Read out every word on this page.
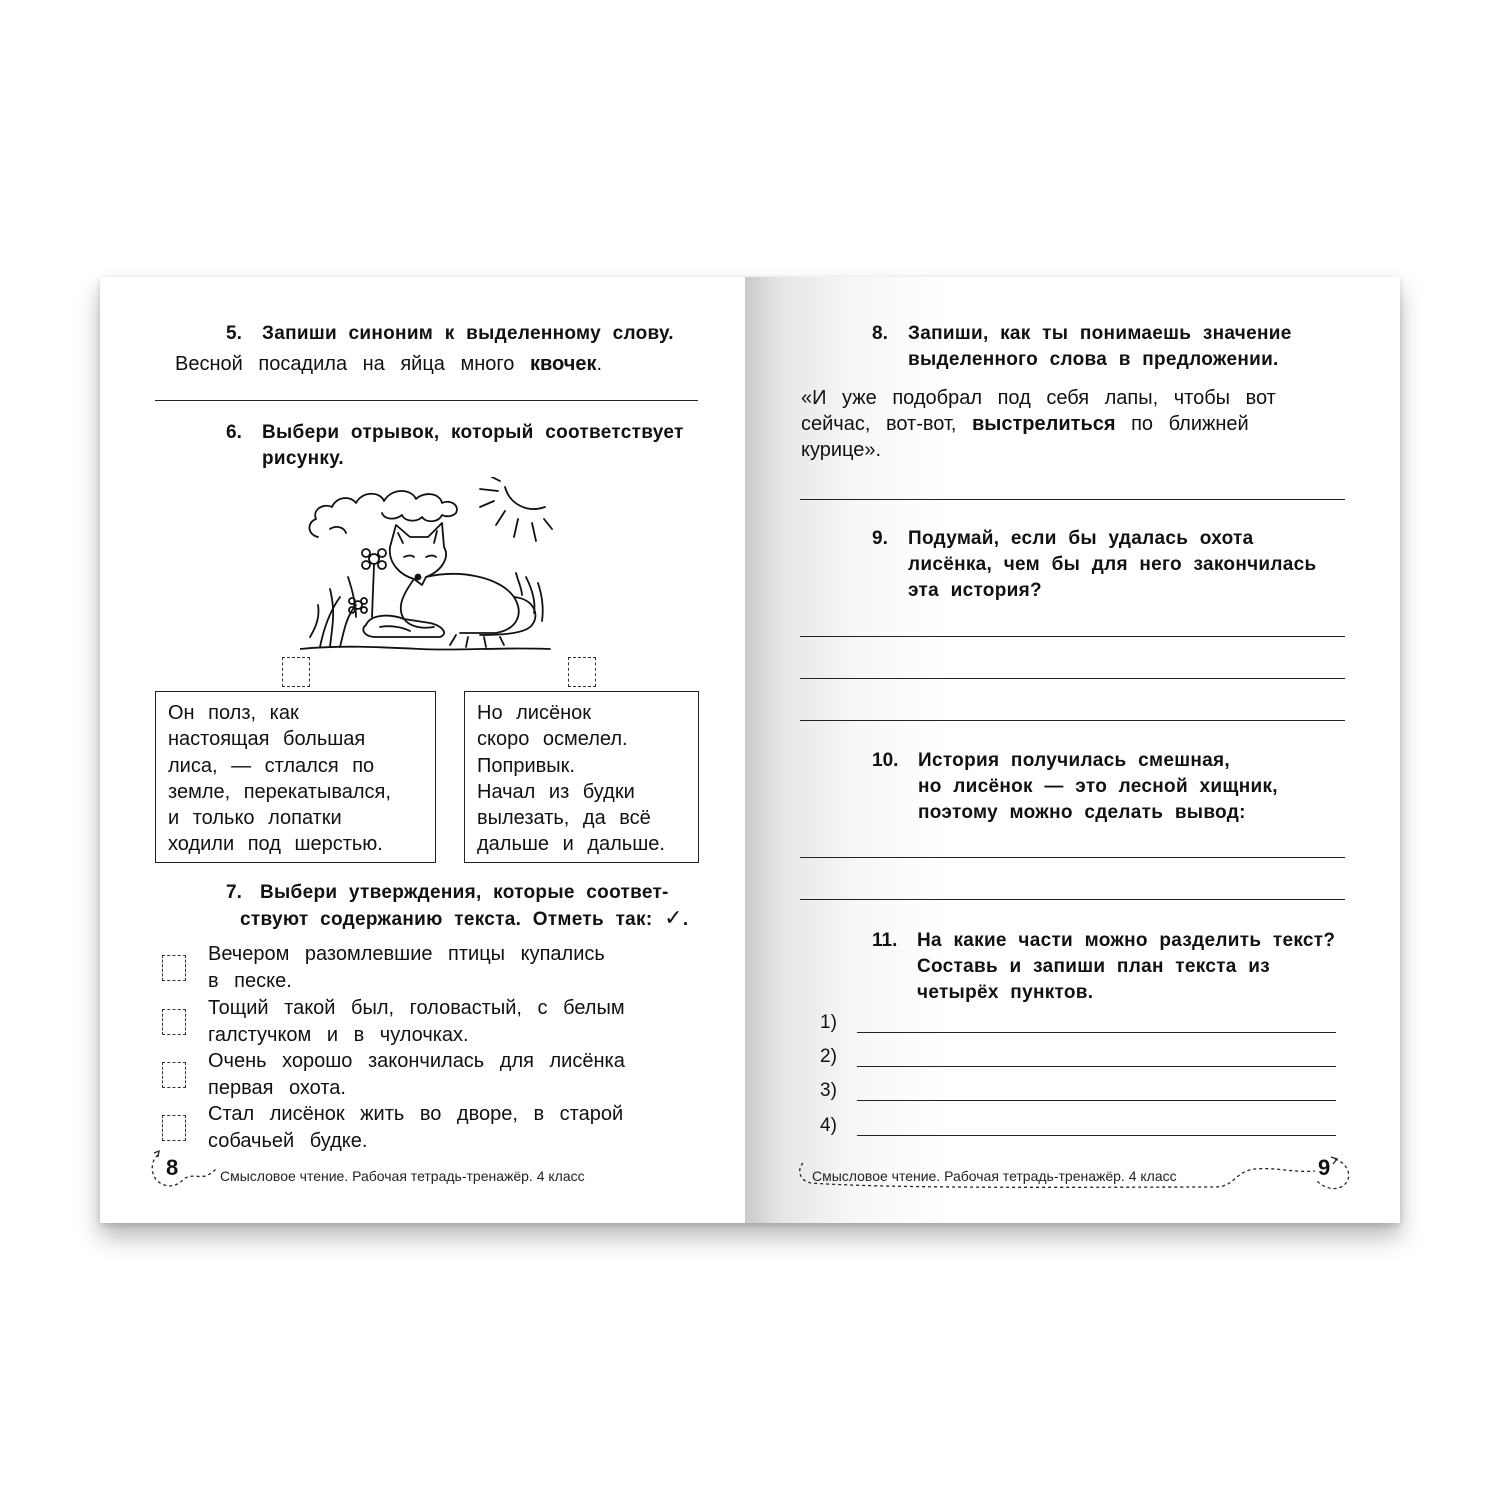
5. Запиши синоним к выделенному слову.
Весной посадила на яйца много квочек.
6. Выбери отрывок, который соответствует
рисунку.
Он полз, как
настоящая большая
лиса, — стлался по
земле, перекатывался,
и только лопатки
ходили под шерстью.
Но лисёнок
скоро осмелел.
Попривык.
Начал из будки
вылезать, да всё
дальше и дальше.
7. Выбери утверждения, которые соответ-
ствуют содержанию текста. Отметь так: ✓.
Вечером разомлевшие птицы купались
в песке.
Тощий такой был, головастый, с белым
галстучком и в чулочках.
Очень хорошо закончилась для лисёнка
первая охота.
Стал лисёнок жить во дворе, в старой
собачьей будке.
8	Смысловое чтение. Рабочая тетрадь-тренажёр. 4 класс
8. Запиши, как ты понимаешь значение
выделенного слова в предложении.
«И уже подобрал под себя лапы, чтобы вот
сейчас, вот-вот, выстрелиться по ближней
курице».
9. Подумай, если бы удалась охота
лисёнка, чем бы для него закончилась
эта история?
10. История получилась смешная,
но лисёнок — это лесной хищник,
поэтому можно сделать вывод:
11. На какие части можно разделить текст?
Составь и запиши план текста из
четырёх пунктов.
1)
2)
3)
4)
Смысловое чтение. Рабочая тетрадь-тренажёр. 4 класс	9
